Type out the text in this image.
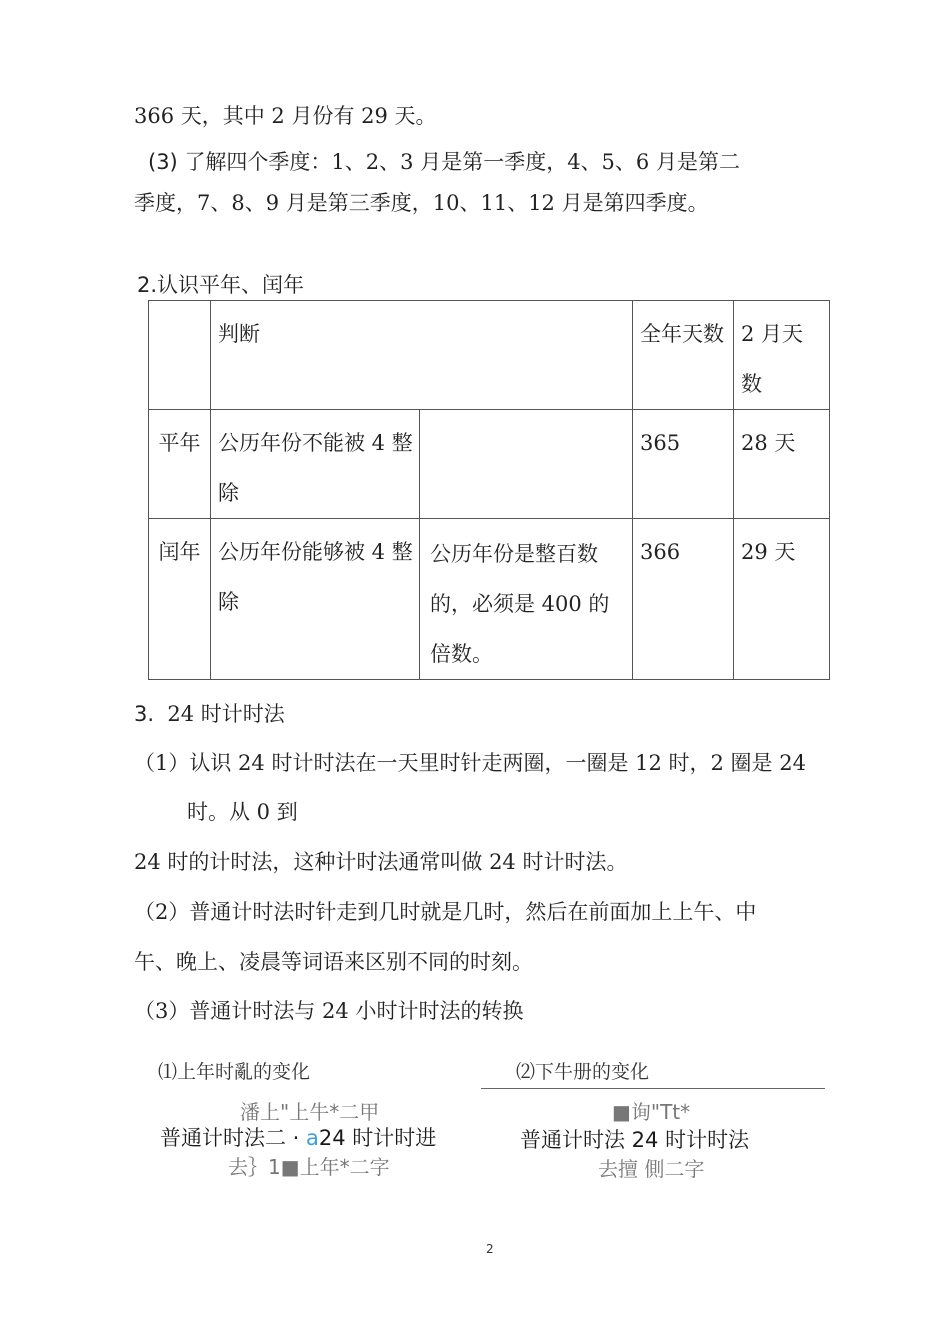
366 天，其中 2 月份有 29 天。
(3) 了解四个季度：1、2、3 月是第一季度，4、5、6 月是第二
季度，7、8、9 月是第三季度，10、11、12 月是第四季度。
2.认识平年、闰年
	判断		全年天数	2 月天数
平年	公历年份不能被 4 整除		365	28 天
闰年	公历年份能够被 4 整除	公历年份是整百数的，必须是 400 的倍数。	366	29 天
3. 24 时计时法
（1）认识 24 时计时法在一天里时针走两圈，一圈是 12 时，2 圈是 24
时。从 0 到
24 时的计时法，这种计时法通常叫做 24 时计时法。
（2）普通计时法时针走到几时就是几时，然后在前面加上上午、中
午、晚上、凌晨等词语来区别不同的时刻。
（3）普通计时法与 24 小时计时法的转换
⑴上年时亂的变化
潘上"上牛*二甲
普通计时法二 · a24 时计时进
去｝1■上年*二字
⑵下牛册的变化
■询"Tt*
普通计时法 24 时计时法
去擅 側二字
2
